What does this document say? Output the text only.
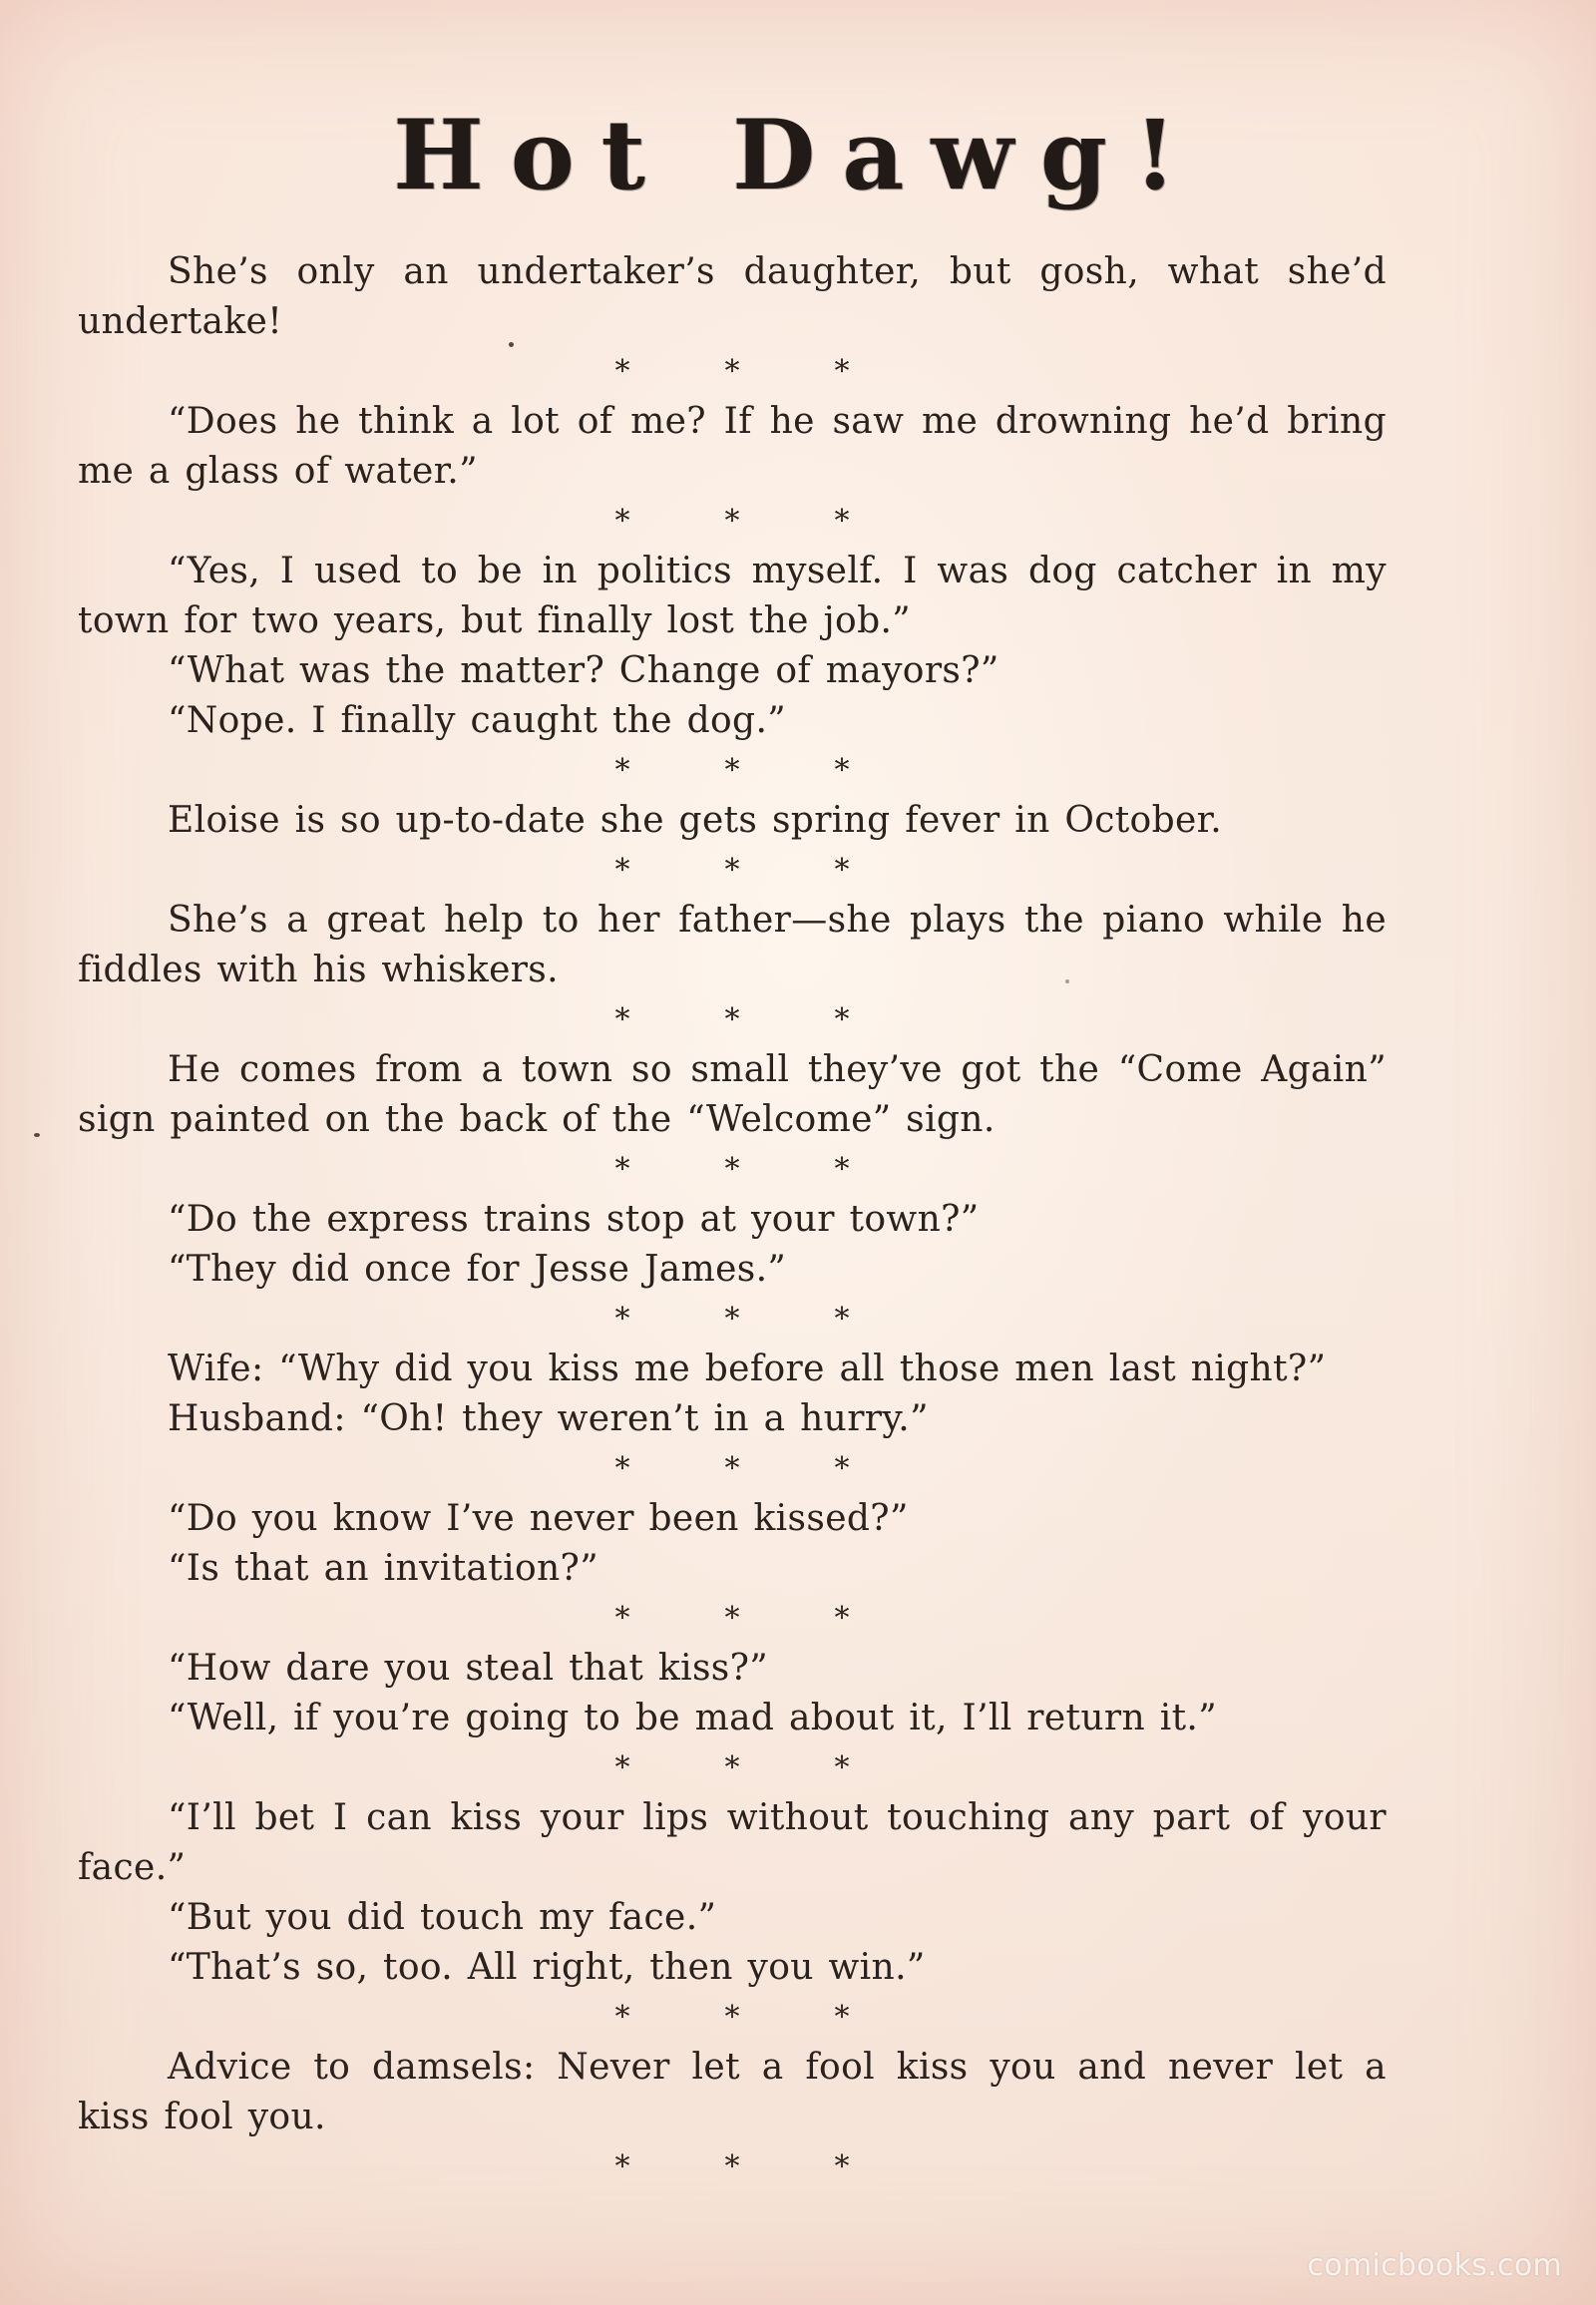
Hot Dawg!

She’s only an undertaker’s daughter, but gosh, what she’d undertake!

*	*	*

“Does he think a lot of me? If he saw me drowning he’d bring me a glass of water.”

*	*	*

“Yes, I used to be in politics myself. I was dog catcher in my town for two years, but finally lost the job.”

“What was the matter? Change of mayors?”

“Nope. I finally caught the dog.”

*	*	*

Eloise is so up-to-date she gets spring fever in October.

*	*	*

She’s a great help to her father—she plays the piano while he fiddles with his whiskers.

*	*	*

He comes from a town so small they’ve got the “Come Again” sign painted on the back of the “Welcome” sign.

*	*	*

“Do the express trains stop at your town?”

“They did once for Jesse James.”

*	*	*

Wife: “Why did you kiss me before all those men last night?”

Husband: “Oh! they weren’t in a hurry.”

*	*	*

“Do you know I’ve never been kissed?”

“Is that an invitation?”

*	*	*

“How dare you steal that kiss?”

“Well, if you’re going to be mad about it, I’ll return it.”

*	*	*

“I’ll bet I can kiss your lips without touching any part of your face.”

“But you did touch my face.”

“That’s so, too. All right, then you win.”

*	*	*

Advice to damsels: Never let a fool kiss you and never let a kiss fool you.

*	*	*
comicbooks.com
